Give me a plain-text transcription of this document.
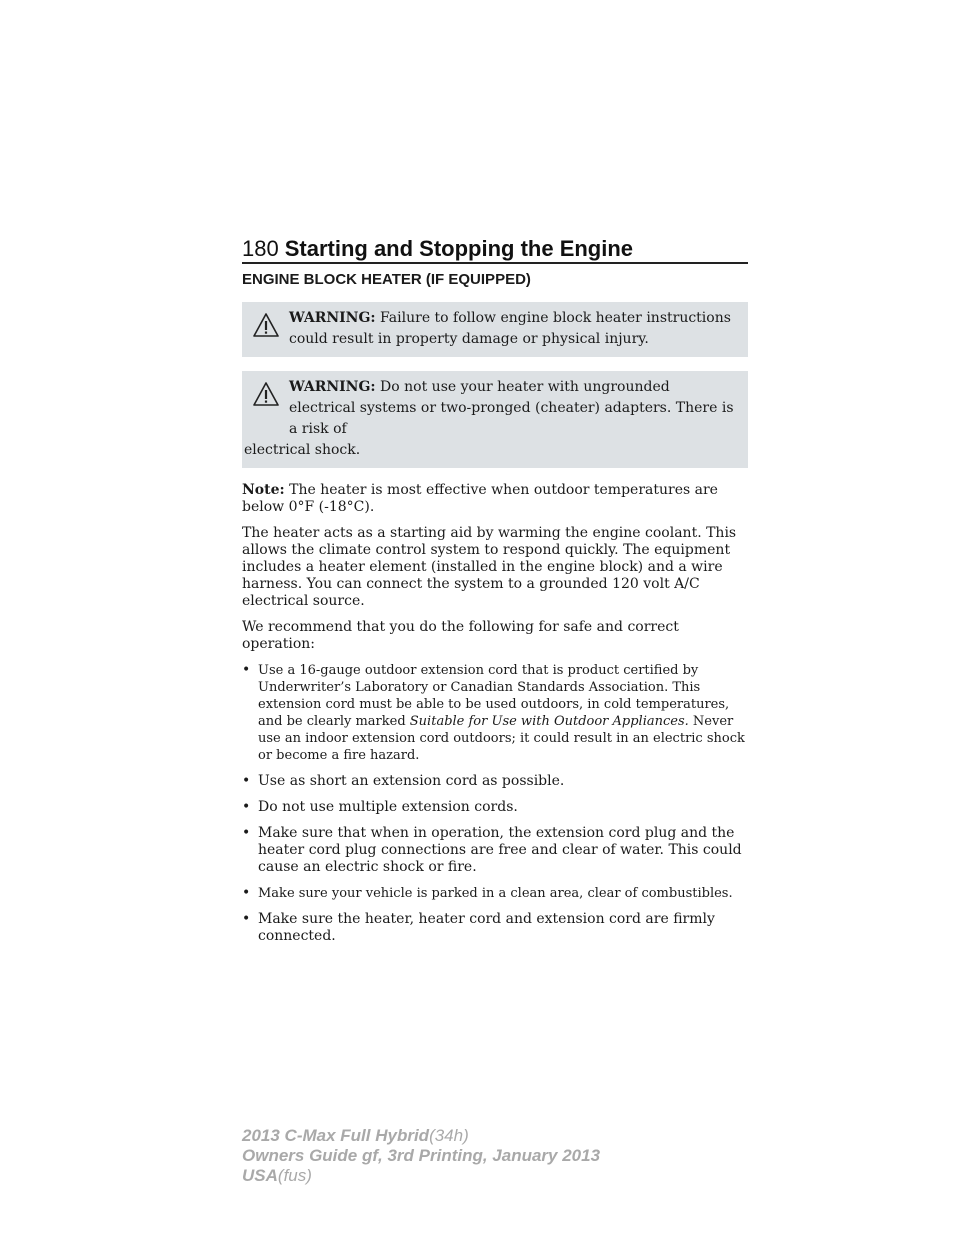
180 Starting and Stopping the Engine
ENGINE BLOCK HEATER (IF EQUIPPED)
WARNING: Failure to follow engine block heater instructions could result in property damage or physical injury.
WARNING: Do not use your heater with ungrounded electrical systems or two-pronged (cheater) adapters. There is a risk of
electrical shock.

Note: The heater is most effective when outdoor temperatures are below 0°F (-18°C).

The heater acts as a starting aid by warming the engine coolant. This allows the climate control system to respond quickly. The equipment includes a heater element (installed in the engine block) and a wire harness. You can connect the system to a grounded 120 volt A/C electrical source.

We recommend that you do the following for safe and correct operation:

• Use a 16-gauge outdoor extension cord that is product certified by Underwriter’s Laboratory or Canadian Standards Association. This extension cord must be able to be used outdoors, in cold temperatures, and be clearly marked Suitable for Use with Outdoor Appliances. Never use an indoor extension cord outdoors; it could result in an electric shock or become a fire hazard.
• Use as short an extension cord as possible.
• Do not use multiple extension cords.
• Make sure that when in operation, the extension cord plug and the heater cord plug connections are free and clear of water. This could cause an electric shock or fire.
• Make sure your vehicle is parked in a clean area, clear of combustibles.
• Make sure the heater, heater cord and extension cord are firmly connected.
2013 C-Max Full Hybrid(34h)
Owners Guide gf, 3rd Printing, January 2013
USA(fus)
